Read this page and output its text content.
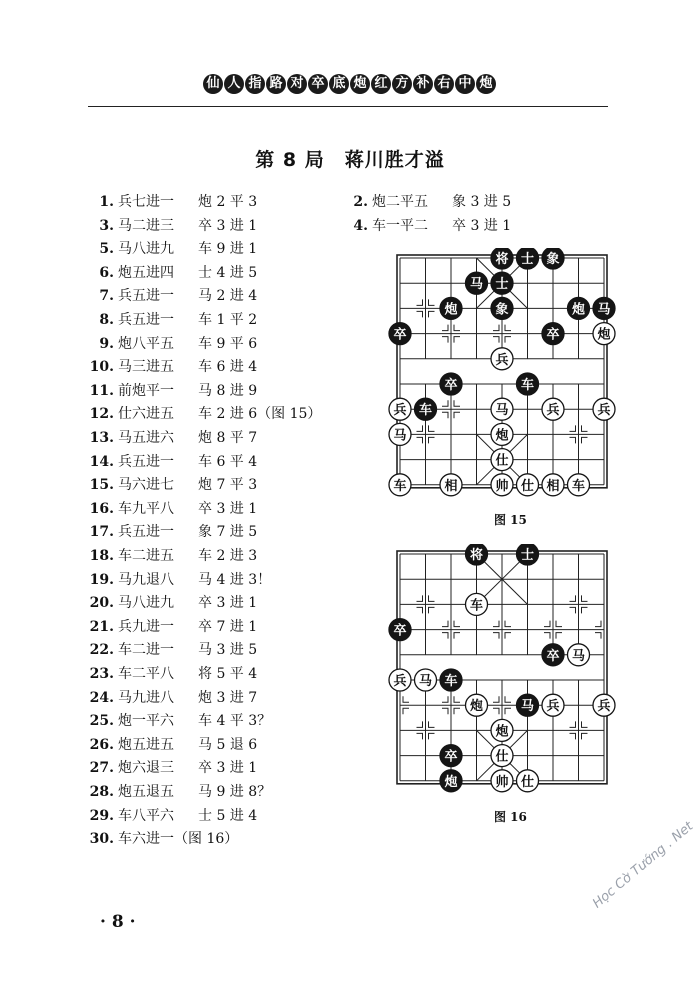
仙 人 指 路 对 卒 底 炮 红 方 补 右 中 炮
第 8 局　蒋川胜才溢
1. 兵七进一 炮 2 平 3
3. 马二进三 卒 3 进 1
5. 马八进九 车 9 进 1
6. 炮五进四 士 4 进 5
7. 兵五进一 马 2 进 4
8. 兵五进一 车 1 平 2
9. 炮八平五 车 9 平 6
10. 马三进五 车 6 进 4
11. 前炮平一 马 8 进 9
12. 仕六进五 车 2 进 6（图 15）
13. 马五进六 炮 8 平 7
14. 兵五进一 车 6 平 4
15. 马六进七 炮 7 平 3
16. 车九平八 卒 3 进 1
17. 兵五进一 象 7 进 5
18. 车二进五 车 2 进 3
19. 马九退八 马 4 进 3！
20. 马八进九 卒 3 进 1
21. 兵九进一 卒 7 进 1
22. 车二进一 马 3 进 5
23. 车二平八 将 5 平 4
24. 马九进八 炮 3 进 7
25. 炮一平六 车 4 平 3？
26. 炮五进五 马 5 退 6
27. 炮六退三 卒 3 进 1
28. 炮五退五 马 9 进 8？
29. 车八平六 士 5 进 4
30. 车六进一（图 16）
2. 炮二平五 象 3 进 5
4. 车一平二 卒 3 进 1
将 士 象
马 士
炮	象	炮 马
卒	卒	炮
兵
卒	车
兵 车	马	兵	兵
马	炮
仕
车	相	帅 仕 相 车
图 15
将	士
车
卒
卒 马
兵 马 车
炮	马 兵	兵
炮
卒	仕
炮	帅 仕
图 16
· 8 ·
Học Cờ Tướng . Net
